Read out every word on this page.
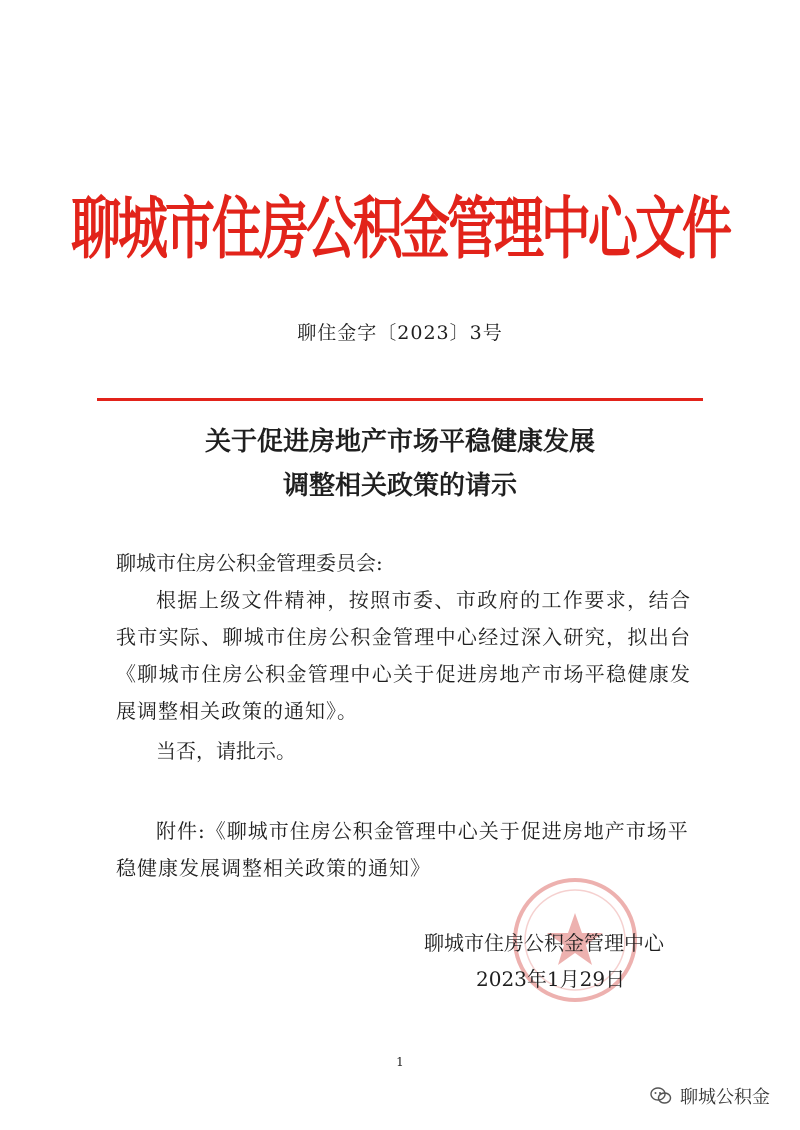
聊城市住房公积金管理中心文件
聊住金字〔2023〕3号
关于促进房地产市场平稳健康发展
调整相关政策的请示
聊城市住房公积金管理委员会:
根据上级文件精神，按照市委、市政府的工作要求，结合我市实际、聊城市住房公积金管理中心经过深入研究，拟出台《聊城市住房公积金管理中心关于促进房地产市场平稳健康发展调整相关政策的通知》。
当否，请批示。
附件:《聊城市住房公积金管理中心关于促进房地产市场平稳健康发展调整相关政策的通知》
聊城市住房公积金管理中心
2023年1月29日
1
聊城公积金
